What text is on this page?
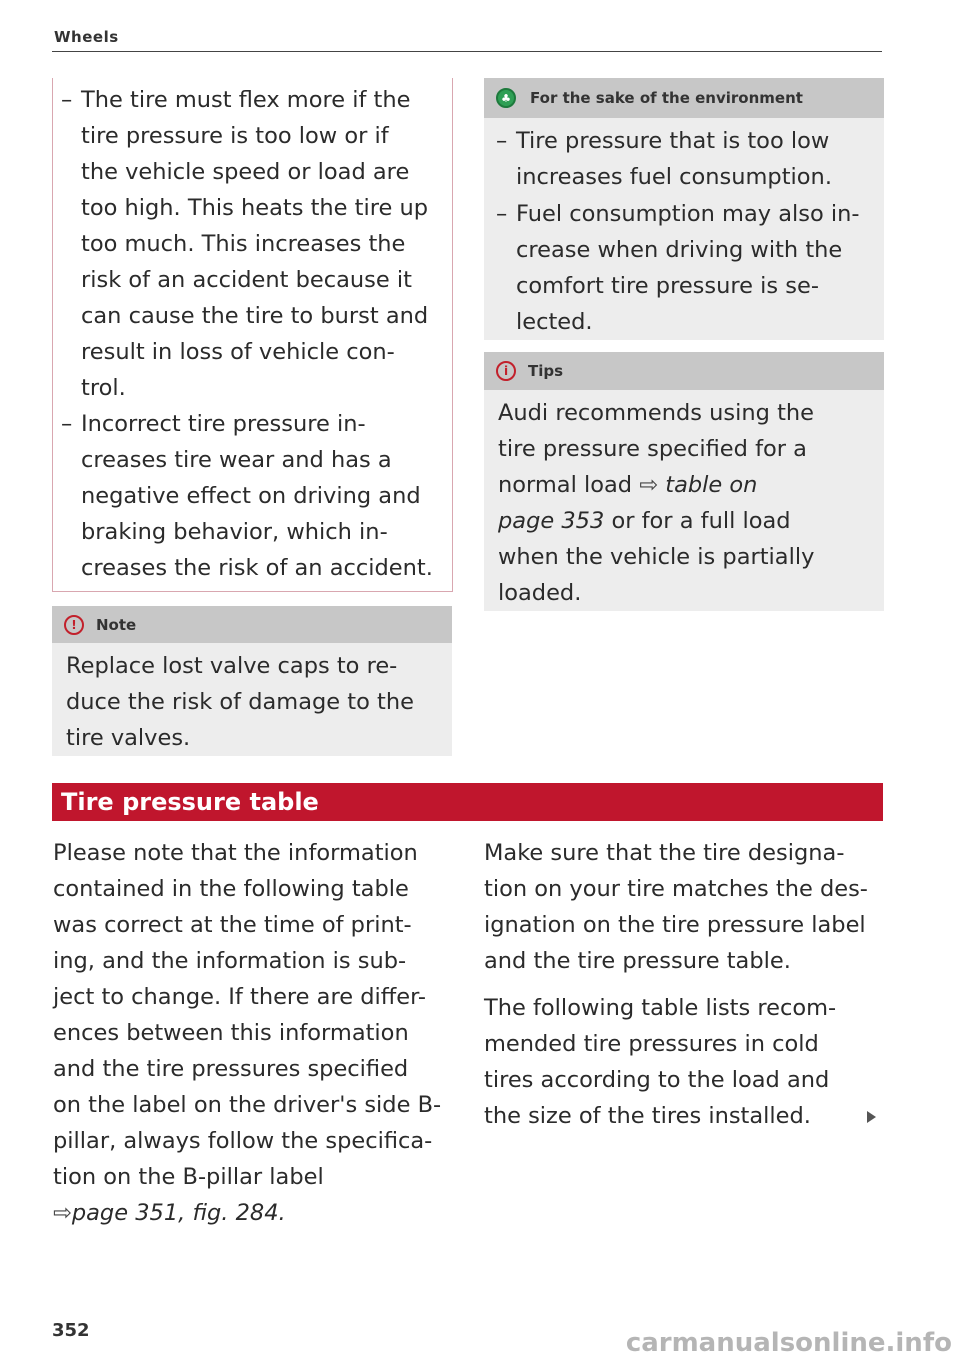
Wheels
– The tire must flex more if the
tire pressure is too low or if
the vehicle speed or load are
too high. This heats the tire up
too much. This increases the
risk of an accident because it
can cause the tire to burst and
result in loss of vehicle con-
trol.
– Incorrect tire pressure in-
creases tire wear and has a
negative effect on driving and
braking behavior, which in-
creases the risk of an accident.
!	Note
Replace lost valve caps to re-
duce the risk of damage to the
tire valves.
♣	For the sake of the environment
– Tire pressure that is too low
increases fuel consumption.
– Fuel consumption may also in-
crease when driving with the
comfort tire pressure is se-
lected.
i	Tips
Audi recommends using the
tire pressure specified for a
normal load ⇨ table on
page 353 or for a full load
when the vehicle is partially
loaded.
Tire pressure table
Please note that the information
contained in the following table
was correct at the time of print-
ing, and the information is sub-
ject to change. If there are differ-
ences between this information
and the tire pressures specified
on the label on the driver's side B-
pillar, always follow the specifica-
tion on the B-pillar label
⇨page 351, fig. 284.
Make sure that the tire designa-
tion on your tire matches the des-
ignation on the tire pressure label
and the tire pressure table.
The following table lists recom-
mended tire pressures in cold
tires according to the load and
the size of the tires installed.
352	carmanualsonline.info
